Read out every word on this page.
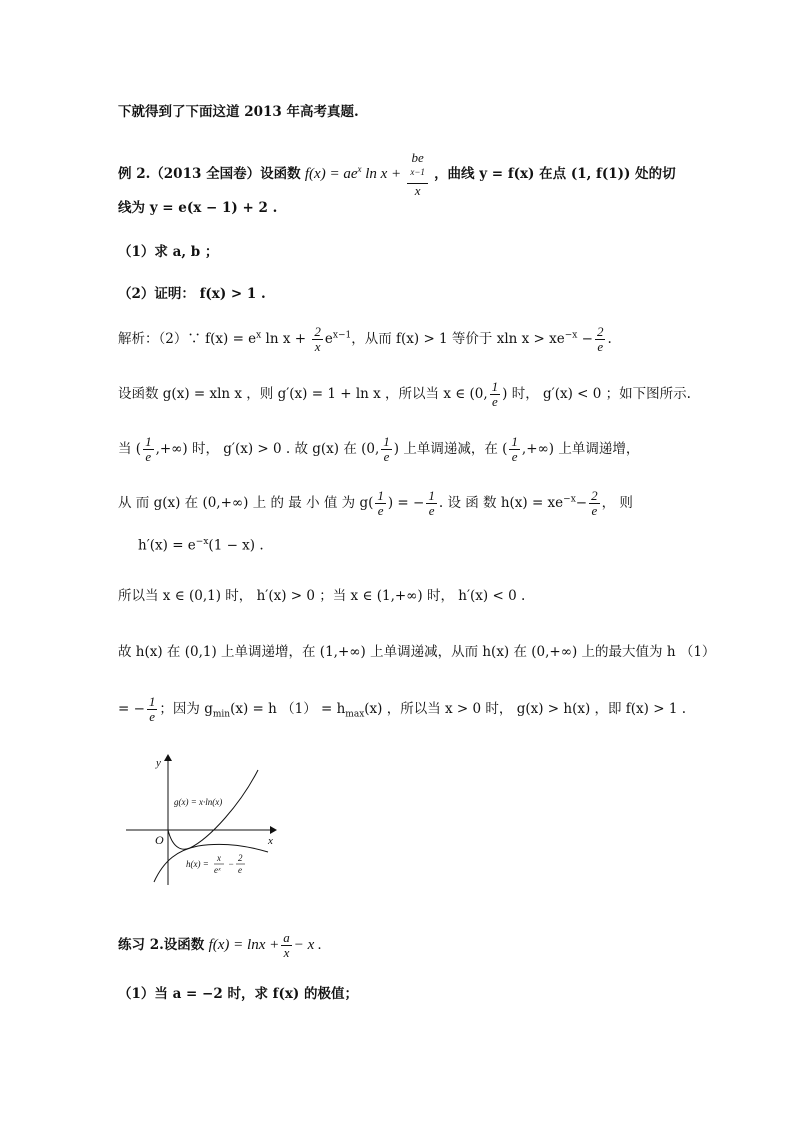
下就得到了下面这道 2013 年高考真题.
例 2.（2013 全国卷）设函数 $f(x) = ae^x$ ln x + be
$^{x-1}$
x ，曲线 y = f(x) 在点 (1, f(1)) 处的切
线为 y = e(x − 1) + 2 .
（1）求 a, b ；
（2）证明： f(x) > 1 .
解析：（2）∵ $f(x) = e^x$ $\ln x + \frac{2}{x} e^{x-1}$，从而 f(x) > 1 等价于 xln $x > xe^{-x} - \frac{2}{e}$ .
设函数 g(x) = xln x ，则 g′(x) = 1 + ln x ，所以当 x ∈ (0, $\frac{1}{e}$ ) 时， g′(x) < 0 ；如下图所示.
当 ( $\frac{1}{e}$ ,+∞) 时， g′(x) > 0 . 故 g(x) 在 (0, $\frac{1}{e}$ ) 上单调递减，在 ( $\frac{1}{e}$ ,+∞) 上单调递增，
从 而 g(x) 在 (0,+∞) 上 的 最 小 值 为 $g( \frac{1}{e}$ ) = − $\frac{1}{e}$ . 设 函 数 $h(x) = xe^{-x}- \frac{2}{e}$ ， 则
$h'(x) = e^{-x}(1 - x)$ .
所以当 x ∈ (0,1) 时， h′(x) > 0 ；当 x ∈ (1,+∞) 时， h′(x) < 0 .
故 h(x) 在 (0,1) 上单调递增，在 (1,+∞) 上单调递减，从而 h(x) 在 (0,+∞) 上的最大值为 h （1）
= − $\frac{1}{e}$ ；因为 $g_{min}(x) = h$ $(1) = h_{max}(x)$ ，所以当 x > 0 时， g(x) > h(x) ，即 f(x) > 1 .
y
x
O
g(x) = x·ln(x)
h(x) =
x
eˣ
−
2
e
练习 2.设函数 $f(x) = \ln x + \frac{a}{x} - x$ .
（1）当 a = −2 时，求 f(x) 的极值；
